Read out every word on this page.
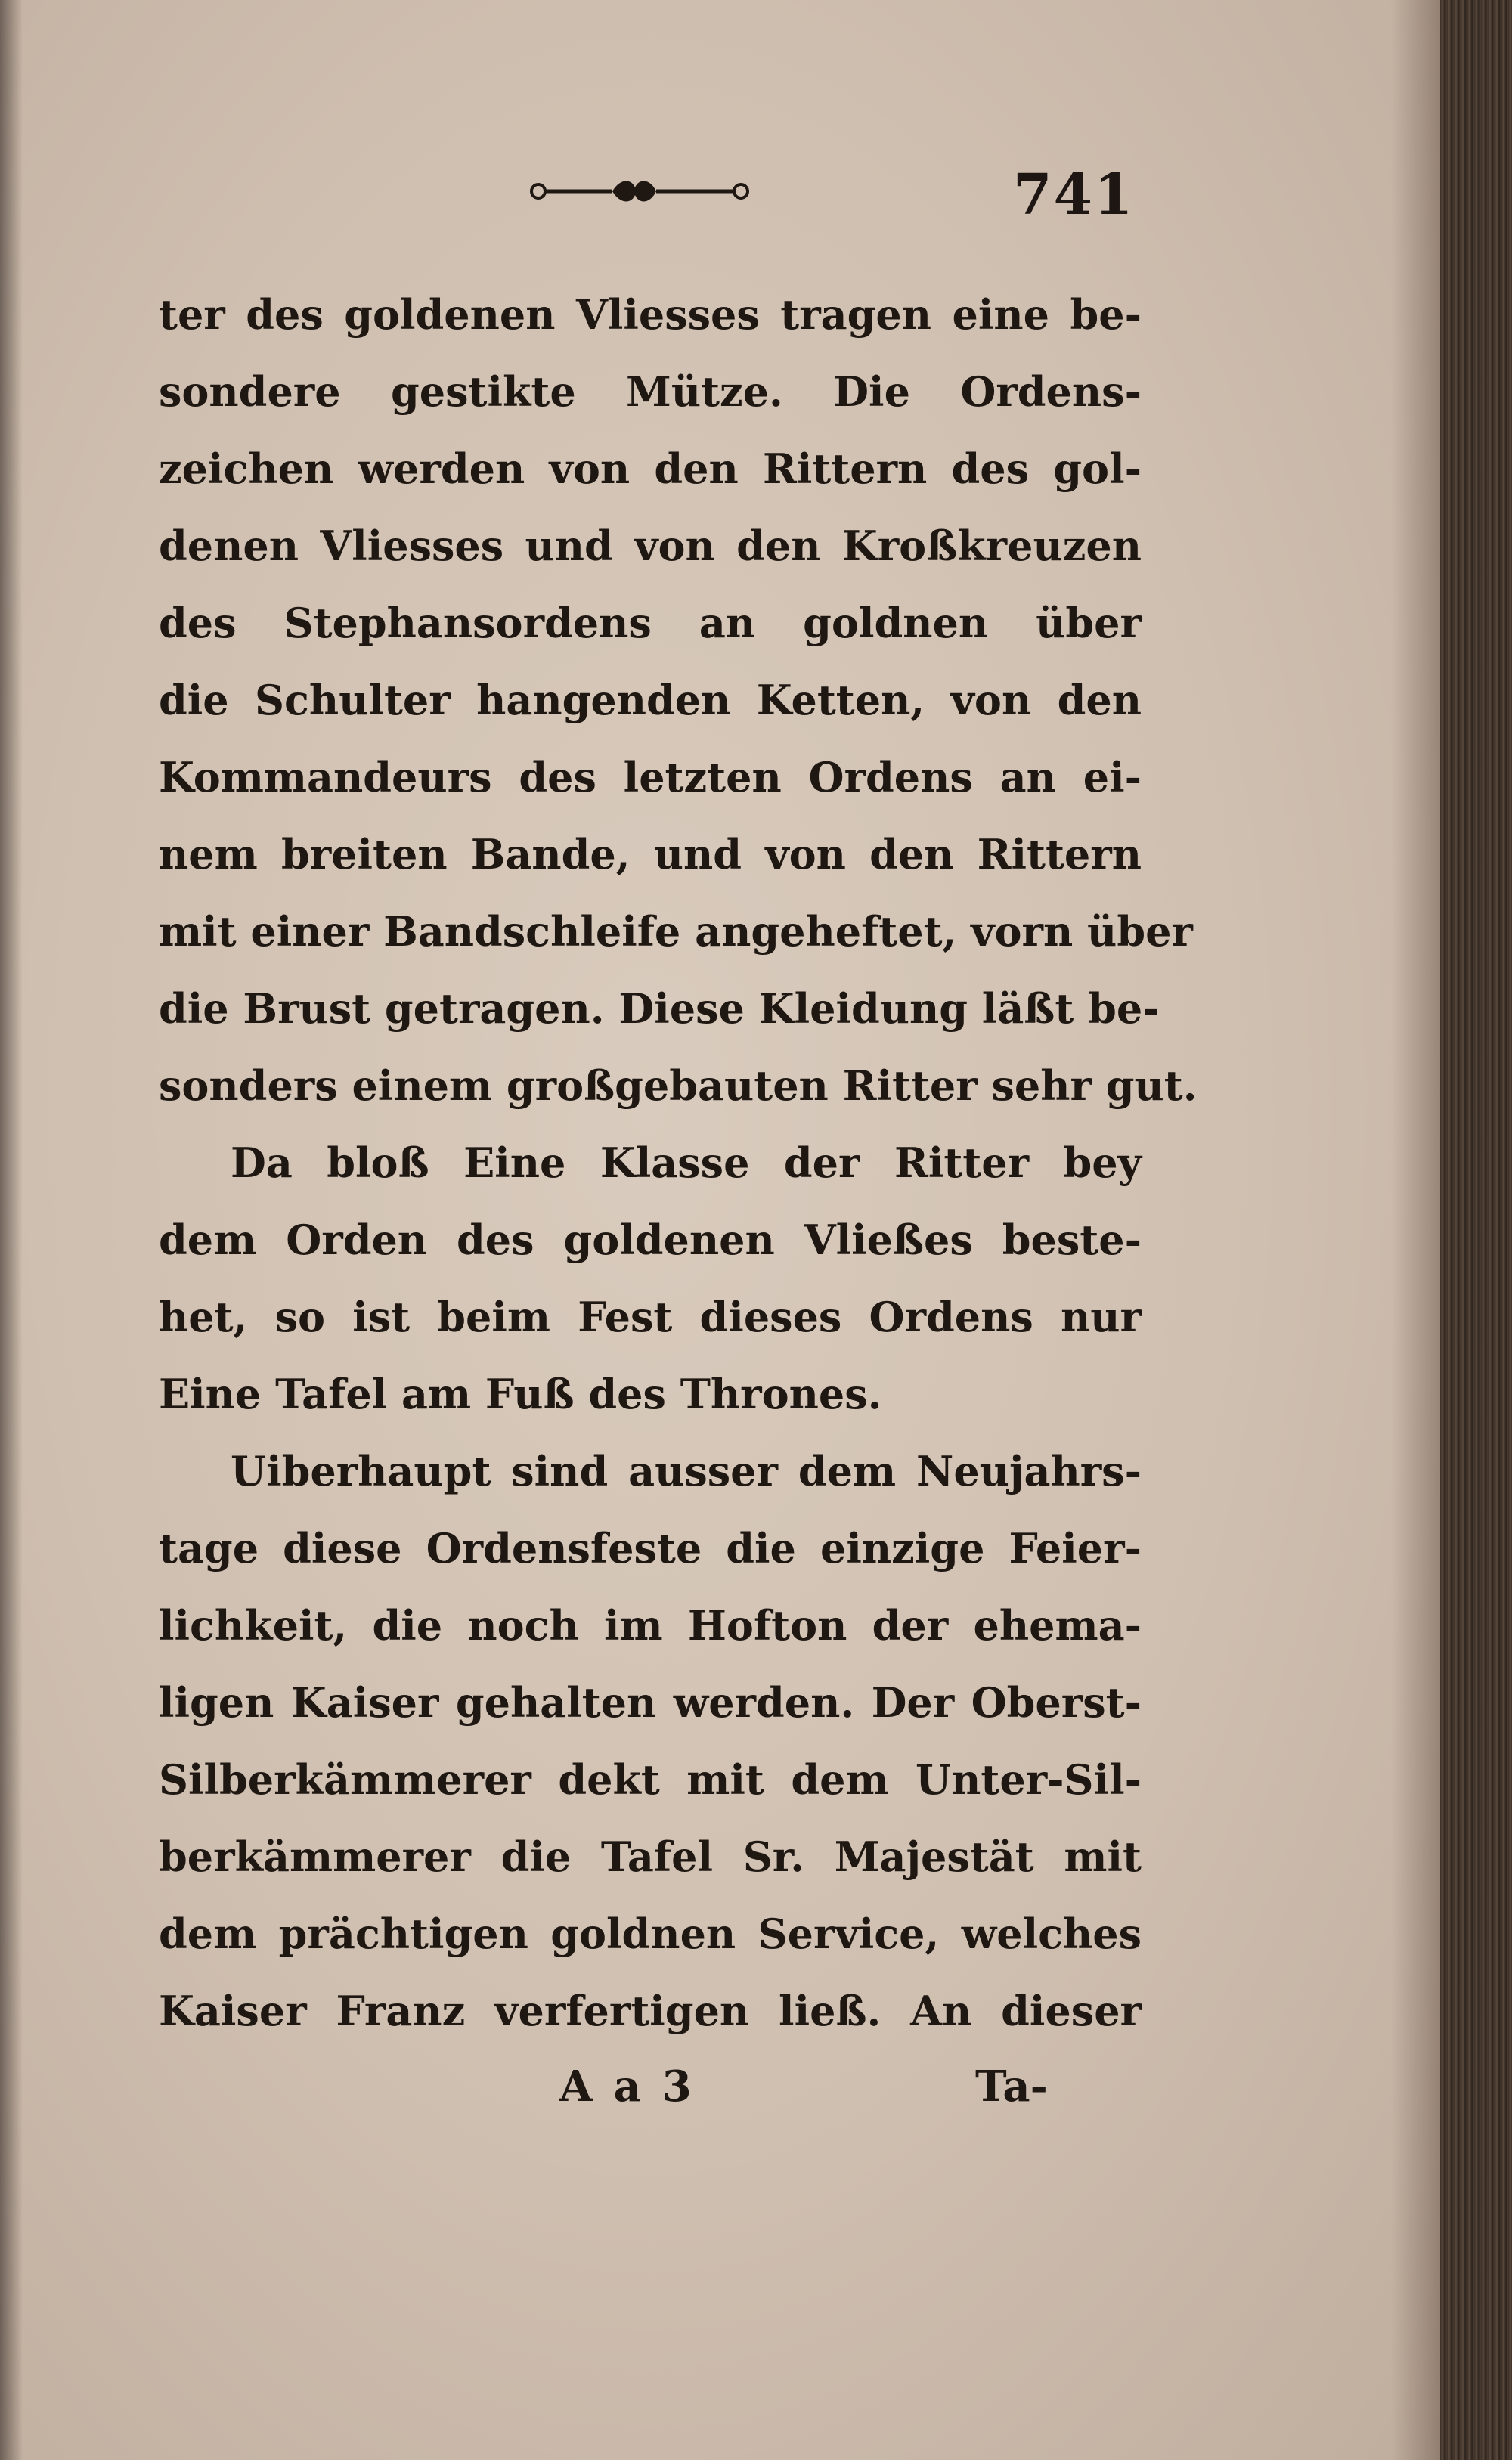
741
ter des goldenen Vliesses tragen eine be-
sondere gestikte Mütze. Die Ordens-
zeichen werden von den Rittern des gol-
denen Vliesses und von den Kroßkreuzen
des Stephansordens an goldnen über
die Schulter hangenden Ketten, von den
Kommandeurs des letzten Ordens an ei-
nem breiten Bande, und von den Rittern
mit einer Bandschleife angeheftet, vorn über
die Brust getragen. Diese Kleidung läßt be-
sonders einem großgebauten Ritter sehr gut.
Da bloß Eine Klasse der Ritter bey
dem Orden des goldenen Vließes beste-
het, so ist beim Fest dieses Ordens nur
Eine Tafel am Fuß des Thrones.
Uiberhaupt sind ausser dem Neujahrs-
tage diese Ordensfeste die einzige Feier-
lichkeit, die noch im Hofton der ehema-
ligen Kaiser gehalten werden. Der Oberst-
Silberkämmerer dekt mit dem Unter-Sil-
berkämmerer die Tafel Sr. Majestät mit
dem prächtigen goldnen Service, welches
Kaiser Franz verfertigen ließ. An dieser
Aa3	Ta-
